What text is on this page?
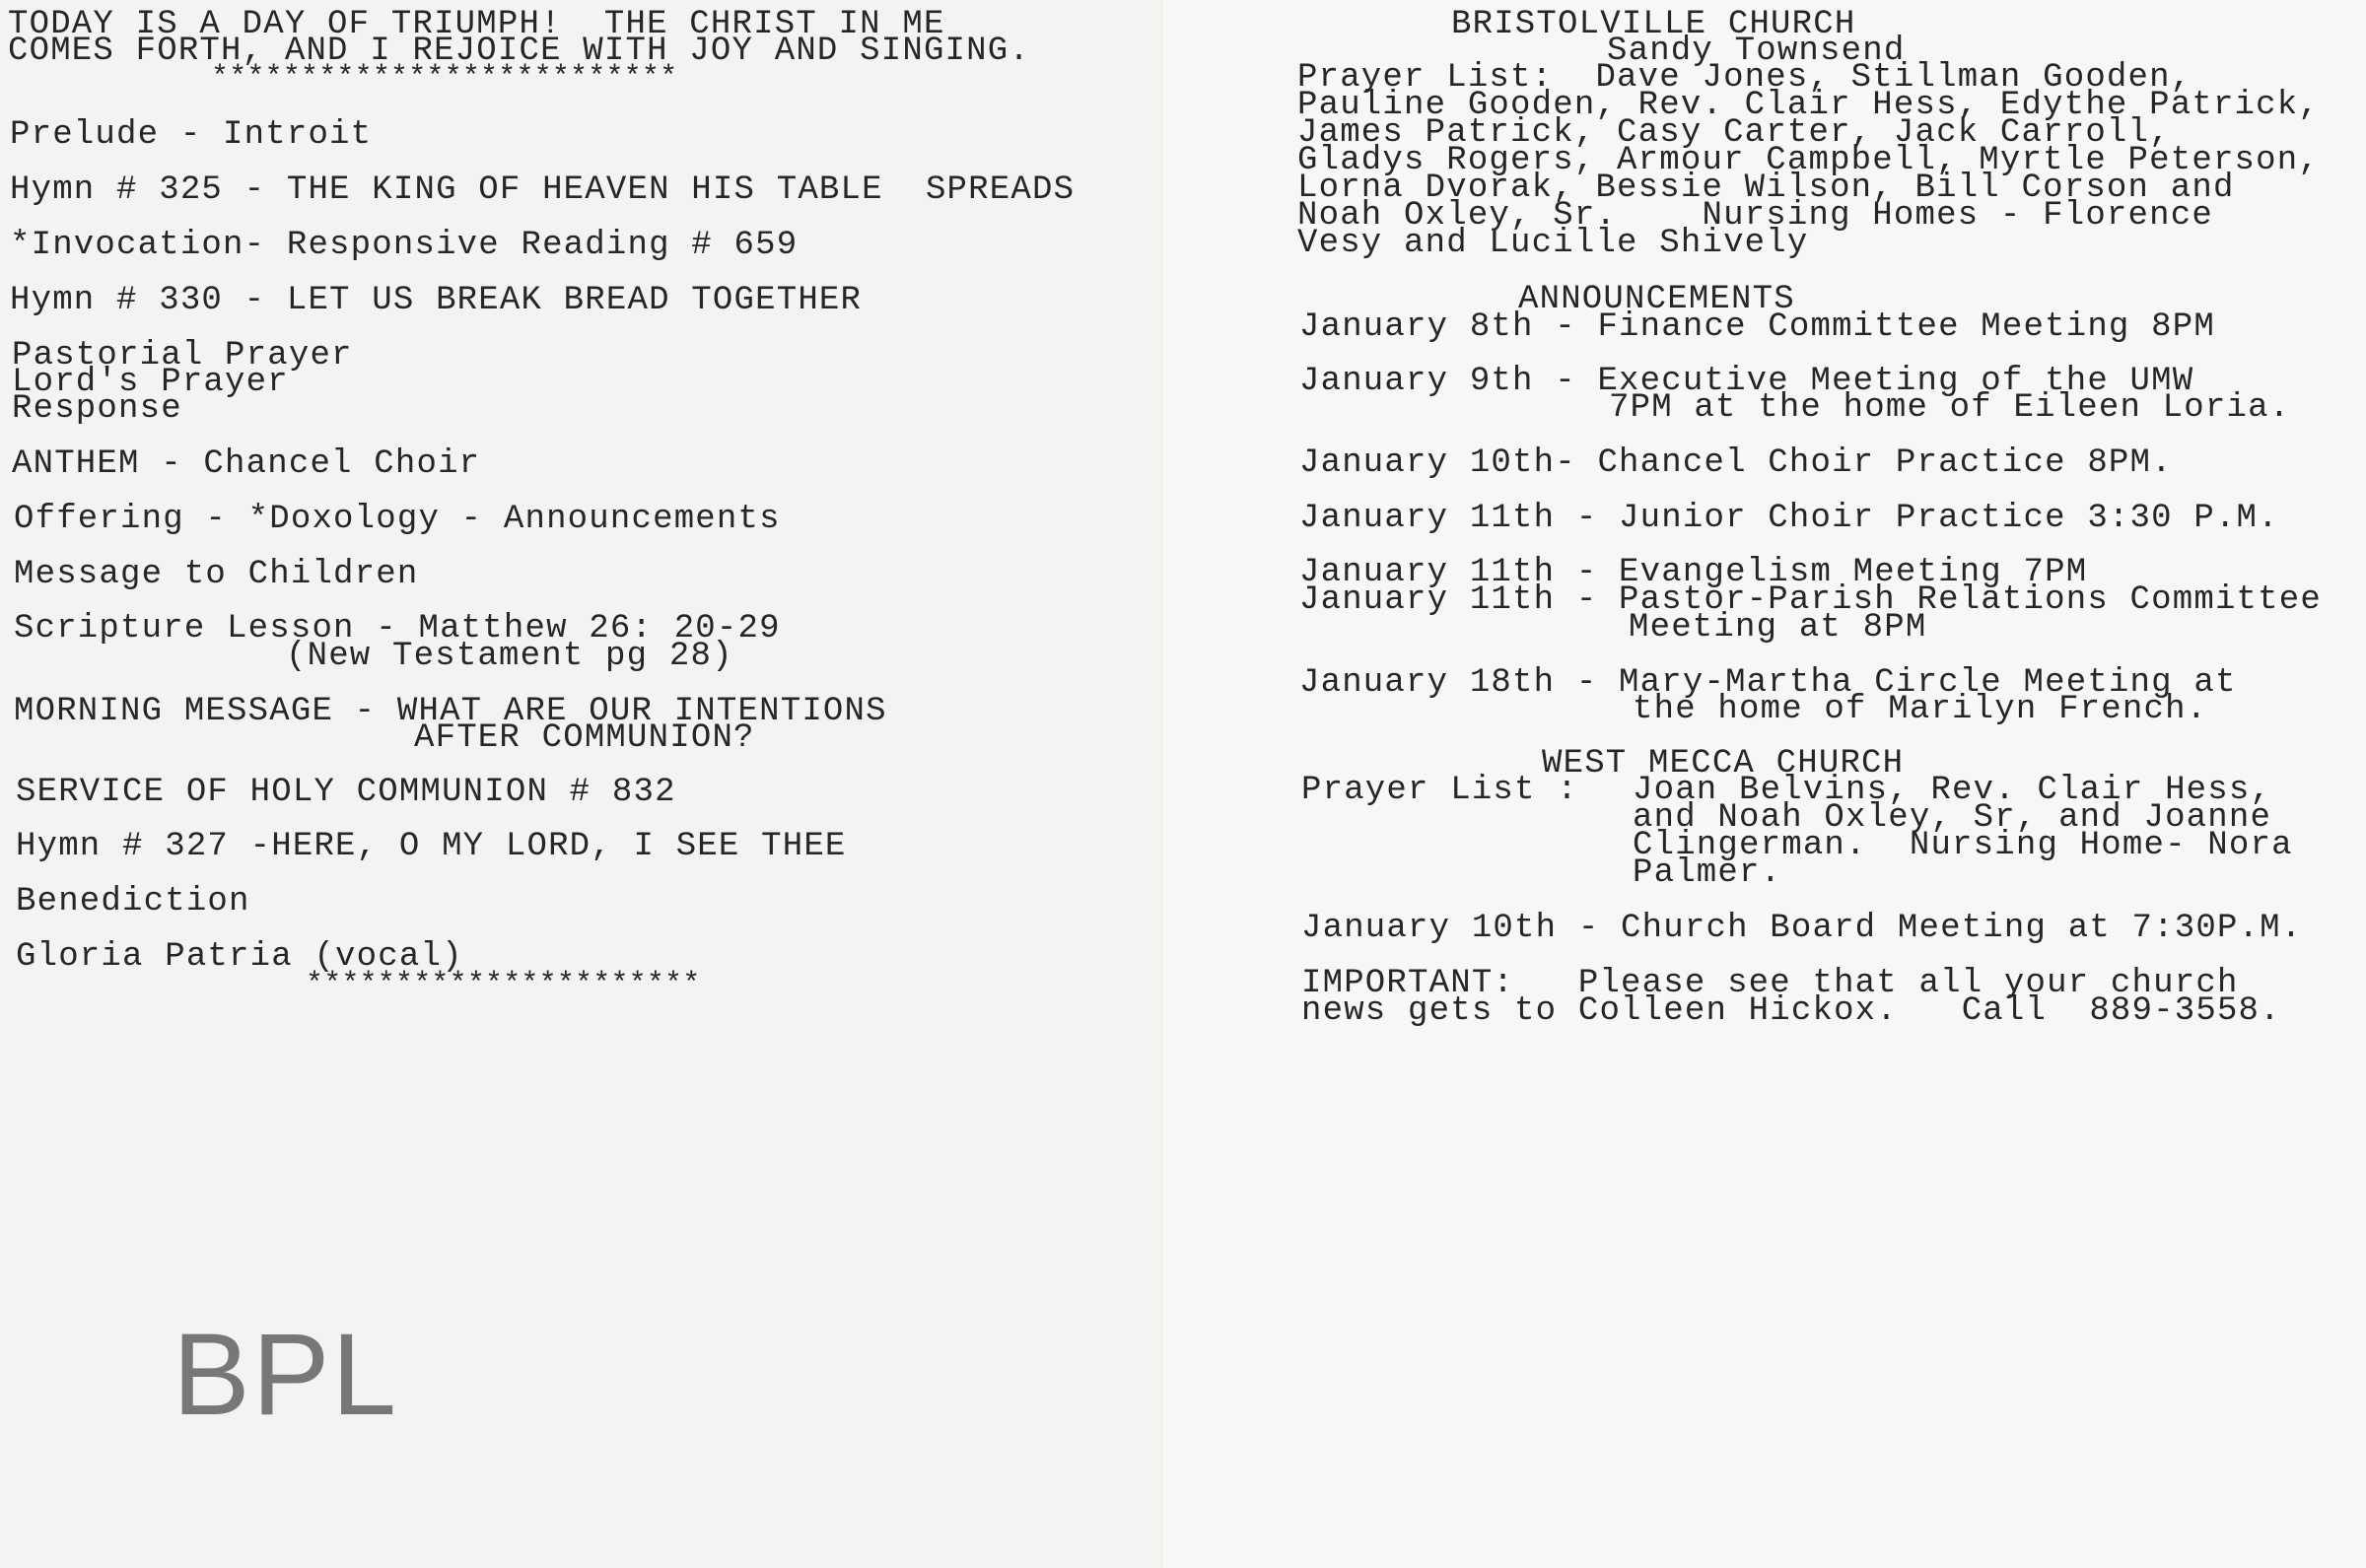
TODAY IS A DAY OF TRIUMPH!  THE CHRIST IN ME
COMES FORTH, AND I REJOICE WITH JOY AND SINGING.
**************************
Prelude - Introit
Hymn # 325 - THE KING OF HEAVEN HIS TABLE  SPREADS
*Invocation- Responsive Reading # 659
Hymn # 330 - LET US BREAK BREAD TOGETHER
Pastorial Prayer
Lord's Prayer
Response
ANTHEM - Chancel Choir
Offering - *Doxology - Announcements
Message to Children
Scripture Lesson - Matthew 26: 20-29
(New Testament pg 28)
MORNING MESSAGE - WHAT ARE OUR INTENTIONS
AFTER COMMUNION?
SERVICE OF HOLY COMMUNION # 832
Hymn # 327 -HERE, O MY LORD, I SEE THEE
Benediction
Gloria Patria (vocal)
**********************
BRISTOLVILLE CHURCH
Sandy Townsend
Prayer List:  Dave Jones, Stillman Gooden,
Pauline Gooden, Rev. Clair Hess, Edythe Patrick,
James Patrick, Casy Carter, Jack Carroll,
Gladys Rogers, Armour Campbell, Myrtle Peterson,
Lorna Dvorak, Bessie Wilson, Bill Corson and
Noah Oxley, Sr.    Nursing Homes - Florence
Vesy and Lucille Shively
ANNOUNCEMENTS
January 8th - Finance Committee Meeting 8PM
January 9th - Executive Meeting of the UMW
7PM at the home of Eileen Loria.
January 10th- Chancel Choir Practice 8PM.
January 11th - Junior Choir Practice 3:30 P.M.
January 11th - Evangelism Meeting 7PM
January 11th - Pastor-Parish Relations Committee
Meeting at 8PM
January 18th - Mary-Martha Circle Meeting at
the home of Marilyn French.
WEST MECCA CHURCH
Prayer List : Joan Belvins, Rev. Clair Hess,
and Noah Oxley, Sr, and Joanne
Clingerman.  Nursing Home- Nora
Palmer.
January 10th - Church Board Meeting at 7:30P.M.
IMPORTANT:   Please see that all your church
news gets to Colleen Hickox.   Call  889-3558.
BPL
